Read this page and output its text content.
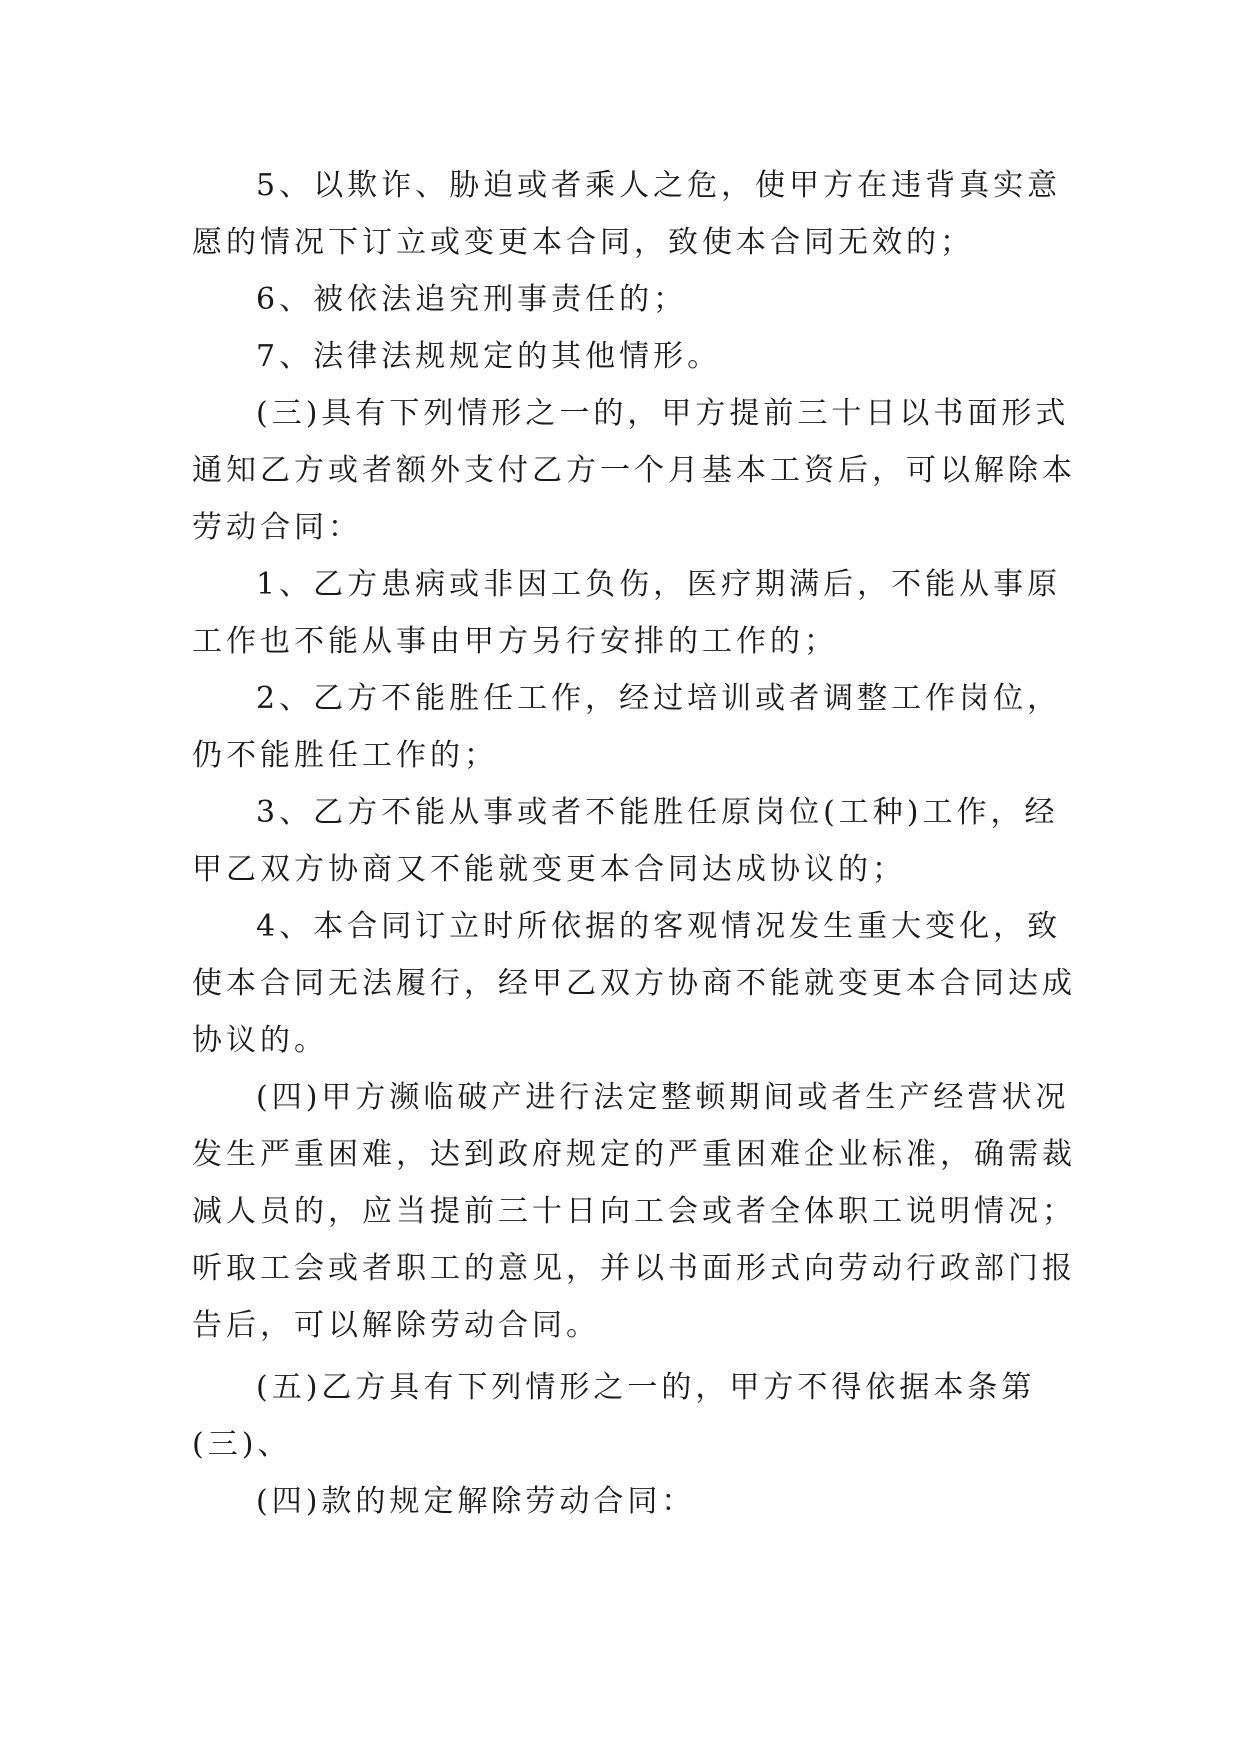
5、以欺诈、胁迫或者乘人之危，使甲方在违背真实意
愿的情况下订立或变更本合同，致使本合同无效的；

6、被依法追究刑事责任的；

7、法律法规规定的其他情形。

(三)具有下列情形之一的，甲方提前三十日以书面形式
通知乙方或者额外支付乙方一个月基本工资后，可以解除本
劳动合同：

1、乙方患病或非因工负伤，医疗期满后，不能从事原
工作也不能从事由甲方另行安排的工作的；

2、乙方不能胜任工作，经过培训或者调整工作岗位，
仍不能胜任工作的；

3、乙方不能从事或者不能胜任原岗位(工种)工作，经
甲乙双方协商又不能就变更本合同达成协议的；

4、本合同订立时所依据的客观情况发生重大变化，致
使本合同无法履行，经甲乙双方协商不能就变更本合同达成
协议的。

(四)甲方濒临破产进行法定整顿期间或者生产经营状况
发生严重困难，达到政府规定的严重困难企业标准，确需裁
减人员的，应当提前三十日向工会或者全体职工说明情况；
听取工会或者职工的意见，并以书面形式向劳动行政部门报
告后，可以解除劳动合同。

(五)乙方具有下列情形之一的，甲方不得依据本条第
(三)、

(四)款的规定解除劳动合同：
